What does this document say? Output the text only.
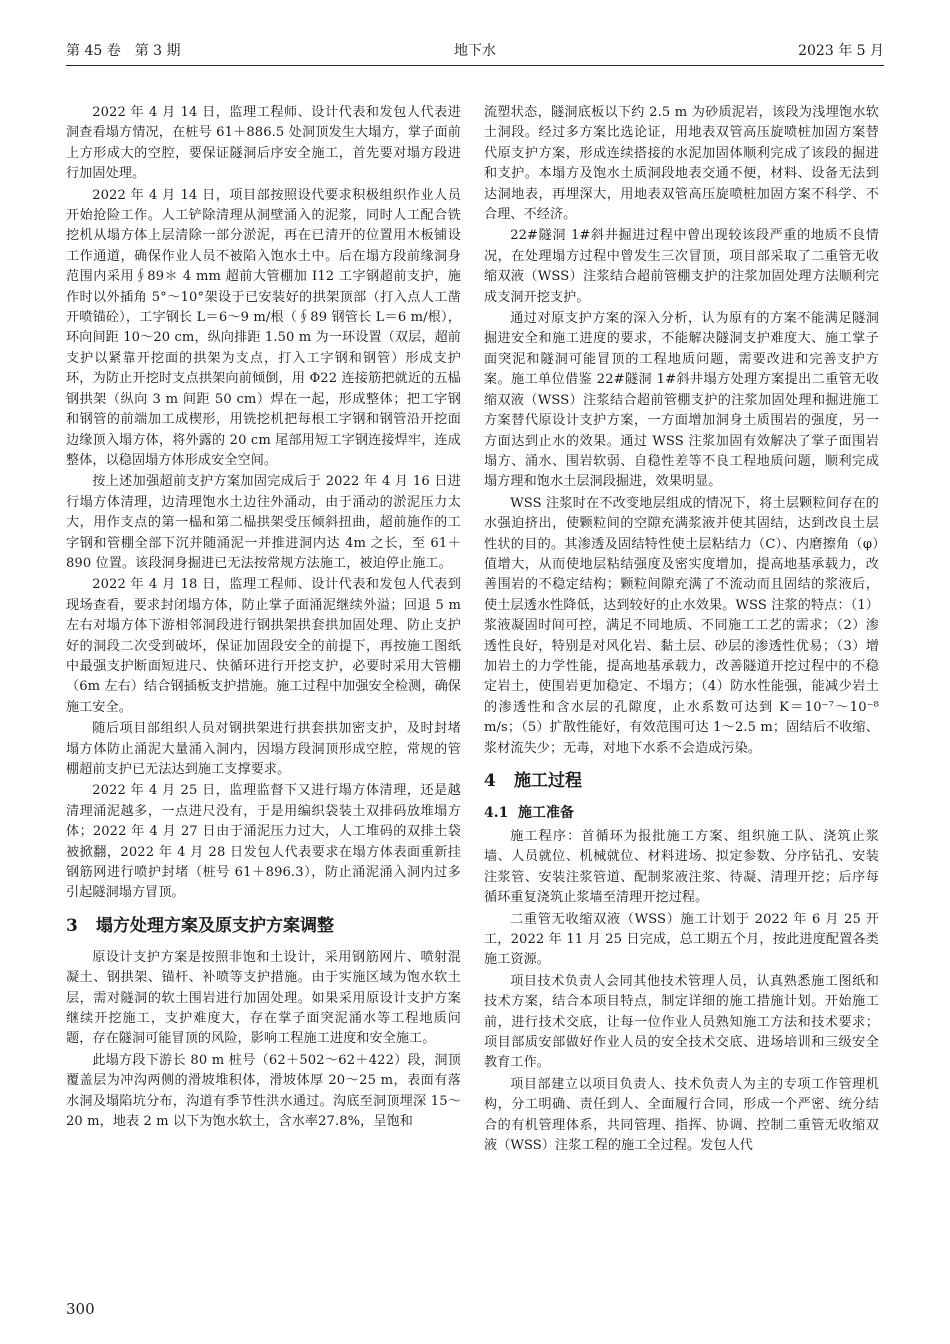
第 45 卷　第 3 期	地下水	2023 年 5 月

2022 年 4 月 14 日，监理工程师、设计代表和发包人代表进洞查看塌方情况，在桩号 61＋886.5 处洞顶发生大塌方，掌子面前上方形成大的空腔，要保证隧洞后序安全施工，首先要对塌方段进行加固处理。

2022 年 4 月 14 日，项目部按照设代要求积极组织作业人员开始抢险工作。人工铲除清理从洞壁涌入的泥浆，同时人工配合铣挖机从塌方体上层清除一部分淤泥，再在已清开的位置用木板铺设工作通道，确保作业人员不被陷入饱水土中。后在塌方段前缘洞身范围内采用∮89＊ 4 mm 超前大管棚加 I12 工字钢超前支护，施作时以外插角 5°～10°架设于已安装好的拱架顶部（打入点人工凿开喷锚砼），工字钢长 L＝6～9 m/根（∮89 钢管长 L＝6 m/根），环向间距 10～20 cm，纵向排距 1.50 m 为一环设置（双层，超前支护以紧靠开挖面的拱架为支点，打入工字钢和钢管）形成支护环，为防止开挖时支点拱架向前倾倒，用 Φ22 连接筋把就近的五榀钢拱架（纵向 3 m 间距 50 cm）焊在一起，形成整体；把工字钢和钢管的前端加工成楔形，用铣挖机把每根工字钢和钢管沿开挖面边缘顶入塌方体，将外露的 20 cm 尾部用短工字钢连接焊牢，连成整体，以稳固塌方体形成安全空间。

按上述加强超前支护方案加固完成后于 2022 年 4 月 16 日进行塌方体清理，边清理饱水土边往外涌动，由于涌动的淤泥压力太大，用作支点的第一榀和第二榀拱架受压倾斜扭曲，超前施作的工字钢和管棚全部下沉并随涌泥一并推进洞内达 4m 之长，至 61＋890 位置。该段洞身掘进已无法按常规方法施工，被迫停止施工。

2022 年 4 月 18 日，监理工程师、设计代表和发包人代表到现场查看，要求封闭塌方体，防止掌子面涌泥继续外溢；回退 5 m 左右对塌方体下游相邻洞段进行钢拱架拱套拱加固处理、防止支护好的洞段二次受到破坏，保证加固段安全的前提下，再按施工图纸中最强支护断面短进尺、快循环进行开挖支护，必要时采用大管棚（6m 左右）结合钢插板支护措施。施工过程中加强安全检测，确保施工安全。

随后项目部组织人员对钢拱架进行拱套拱加密支护，及时封堵塌方体防止涌泥大量涌入洞内，因塌方段洞顶形成空腔，常规的管棚超前支护已无法达到施工支撑要求。

2022 年 4 月 25 日，监理监督下又进行塌方体清理，还是越清理涌泥越多，一点进尺没有，于是用编织袋装土双排码放堆塌方体；2022 年 4 月 27 日由于涌泥压力过大，人工堆码的双排土袋被掀翻，2022 年 4 月 28 日发包人代表要求在塌方体表面重新挂钢筋网进行喷护封堵（桩号 61＋896.3），防止涌泥涌入洞内过多引起隧洞塌方冒顶。

3 塌方处理方案及原支护方案调整

原设计支护方案是按照非饱和土设计，采用钢筋网片、喷射混凝土、钢拱架、锚杆、补喷等支护措施。由于实施区域为饱水软土层，需对隧洞的软土围岩进行加固处理。如果采用原设计支护方案继续开挖施工，支护难度大，存在掌子面突泥涌水等工程地质问题，存在隧洞可能冒顶的风险，影响工程施工进度和安全施工。

此塌方段下游长 80 m 桩号（62＋502～62＋422）段，洞顶覆盖层为冲沟两侧的滑坡堆积体，滑坡体厚 20～25 m，表面有落水洞及塌陷坑分布，沟道有季节性洪水通过。沟底至洞顶埋深 15～20 m，地表 2 m 以下为饱水软土，含水率27.8%，呈饱和

流塑状态，隧洞底板以下约 2.5 m 为砂质泥岩，该段为浅埋饱水软土洞段。经过多方案比选论证，用地表双管高压旋喷桩加固方案替代原支护方案，形成连续搭接的水泥加固体顺利完成了该段的掘进和支护。本塌方及饱水土质洞段地表交通不便，材料、设备无法到达洞地表，再埋深大，用地表双管高压旋喷桩加固方案不科学、不合理、不经济。

22#隧洞 1#斜井掘进过程中曾出现较该段严重的地质不良情况，在处理塌方过程中曾发生三次冒顶，项目部采取了二重管无收缩双液（WSS）注浆结合超前管棚支护的注浆加固处理方法顺利完成支洞开挖支护。

通过对原支护方案的深入分析，认为原有的方案不能满足隧洞掘进安全和施工进度的要求，不能解决隧洞支护难度大、施工掌子面突泥和隧洞可能冒顶的工程地质问题，需要改进和完善支护方案。施工单位借鉴 22#隧洞 1#斜井塌方处理方案提出二重管无收缩双液（WSS）注浆结合超前管棚支护的注浆加固处理和掘进施工方案替代原设计支护方案，一方面增加洞身土质围岩的强度，另一方面达到止水的效果。通过 WSS 注浆加固有效解决了掌子面围岩塌方、涌水、围岩软弱、自稳性差等不良工程地质问题，顺利完成塌方理和饱水土层洞段掘进，效果明显。

WSS 注浆时在不改变地层组成的情况下，将土层颗粒间存在的水强迫挤出，使颗粒间的空隙充满浆液并使其固结，达到改良土层性状的目的。其渗透及固结特性使土层粘结力（C）、内磨擦角（φ）值增大，从而使地层粘结强度及密实度增加，提高地基承载力，改善围岩的不稳定结构；颗粒间隙充满了不流动而且固结的浆液后，使土层透水性降低，达到较好的止水效果。WSS 注浆的特点：（1）浆液凝固时间可控，满足不同地质、不同施工工艺的需求；（2）渗透性良好，特别是对风化岩、黏土层、砂层的渗透性优易；（3）增加岩土的力学性能，提高地基承载力，改善隧道开挖过程中的不稳定岩土，使围岩更加稳定、不塌方；（4）防水性能强，能减少岩土的渗透性和含水层的孔隙度，止水系数可达到 K＝10⁻⁷～10⁻⁸ m/s；（5）扩散性能好，有效范围可达 1～2.5 m；固结后不收缩、浆材流失少；无毒，对地下水系不会造成污染。

4 施工过程
4.1 施工准备

施工程序：首循环为报批施工方案、组织施工队、浇筑止浆墙、人员就位、机械就位、材料进场、拟定参数、分序钻孔、安装注浆管、安装注浆管道、配制浆液注浆、待凝、清理开挖；后序每循环重复浇筑止浆墙至清理开挖过程。

二重管无收缩双液（WSS）施工计划于 2022 年 6 月 25 开工，2022 年 11 月 25 日完成，总工期五个月，按此进度配置各类施工资源。

项目技术负责人会同其他技术管理人员，认真熟悉施工图纸和技术方案，结合本项目特点，制定详细的施工措施计划。开始施工前，进行技术交底，让每一位作业人员熟知施工方法和技术要求；项目部质安部做好作业人员的安全技术交底、进场培训和三级安全教育工作。

项目部建立以项目负责人、技术负责人为主的专项工作管理机构，分工明确、责任到人、全面履行合同，形成一个严密、统分结合的有机管理体系，共同管理、指挥、协调、控制二重管无收缩双液（WSS）注浆工程的施工全过程。发包人代

300
